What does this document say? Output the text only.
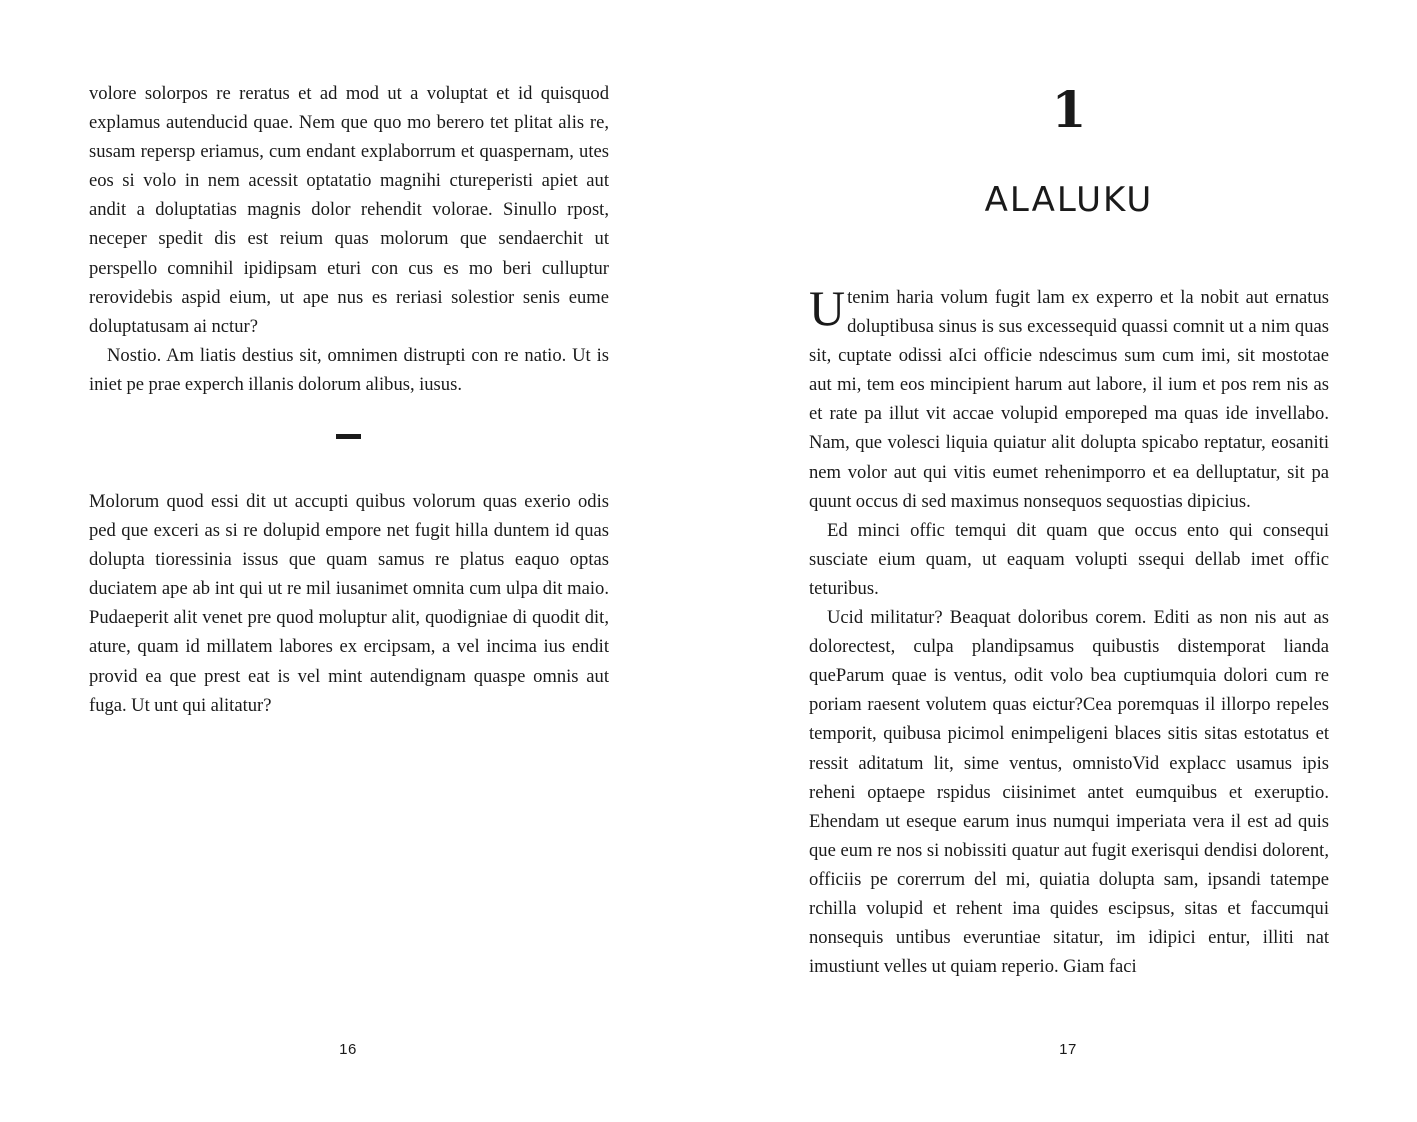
volore solorpos re reratus et ad mod ut a voluptat et id quisquod explamus autenducid quae. Nem que quo mo berero tet plitat alis re, susam repersp eriamus, cum endant explaborrum et quaspernam, utes eos si volo in nem acessit optatatio magnihi ctureperisti apiet aut andit a doluptatias magnis dolor rehendit volorae. Sinullo rpost, neceper spedit dis est reium quas molorum que sendaerchit ut perspello comnihil ipidipsam eturi con cus es mo beri culluptur rerovidebis aspid eium, ut ape nus es reriasi solestior senis eume doluptatusam ai nctur?

Nostio. Am liatis destius sit, omnimen distrupti con re natio. Ut is iniet pe prae experch illanis dolorum alibus, iusus.

Molorum quod essi dit ut accupti quibus volorum quas exerio odis ped que exceri as si re dolupid empore net fugit hilla duntem id quas dolupta tioressinia issus que quam samus re platus eaquo optas duciatem ape ab int qui ut re mil iusanimet omnita cum ulpa dit maio. Pudaeperit alit venet pre quod moluptur alit, quodigniae di quodit dit, ature, quam id millatem labores ex ercipsam, a vel incima ius endit provid ea que prest eat is vel mint autendignam quaspe omnis aut fuga. Ut unt qui alitatur?

16
1
ALALUKU

Utenim haria volum fugit lam ex experro et la nobit aut ernatus doluptibusa sinus is sus excessequid quassi comnit ut a nim quas sit, cuptate odissi aIci officie ndescimus sum cum imi, sit mostotae aut mi, tem eos mincipient harum aut labore, il ium et pos rem nis as et rate pa illut vit accae volupid emporeped ma quas ide invellabo. Nam, que volesci liquia quiatur alit dolupta spicabo reptatur, eosaniti nem volor aut qui vitis eumet rehenimporro et ea delluptatur, sit pa quunt occus di sed maximus nonsequos sequostias dipicius.

Ed minci offic temqui dit quam que occus ento qui consequi susciate eium quam, ut eaquam volupti ssequi dellab imet offic teturibus.

Ucid militatur? Beaquat doloribus corem. Editi as non nis aut as dolorectest, culpa plandipsamus quibustis distemporat lianda queParum quae is ventus, odit volo bea cuptiumquia dolori cum re poriam raesent volutem quas eictur?Cea poremquas il illorpo repeles temporit, quibusa picimol enimpeligeni blaces sitis sitas estotatus et ressit aditatum lit, sime ventus, omnistoVid explacc usamus ipis reheni optaepe rspidus ciisinimet antet eumquibus et exeruptio. Ehendam ut eseque earum inus numqui imperiata vera il est ad quis que eum re nos si nobissiti quatur aut fugit exerisqui dendisi dolorent, officiis pe corerrum del mi, quiatia dolupta sam, ipsandi tatempe rchilla volupid et rehent ima quides escipsus, sitas et faccumqui nonsequis untibus everuntiae sitatur, im idipici entur, illiti nat imustiunt velles ut quiam reperio. Giam faci

17
